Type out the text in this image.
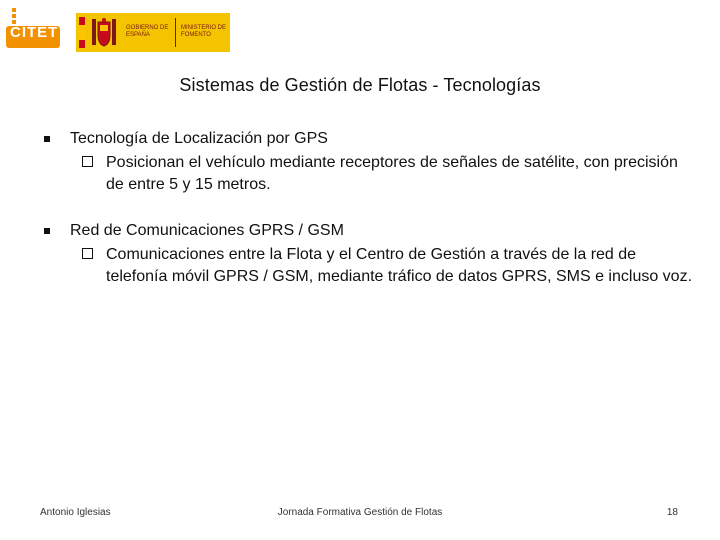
CITET	GOBIERNO DE ESPAÑA
MINISTERIO DE FOMENTO
Sistemas de Gestión de Flotas - Tecnologías
Tecnología de Localización por GPS
Posicionan el vehículo mediante receptores de señales de satélite, con precisión de entre 5 y 15 metros.
Red de Comunicaciones GPRS / GSM
Comunicaciones entre la Flota y el Centro de Gestión a través de la red de telefonía móvil GPRS / GSM, mediante tráfico de datos GPRS, SMS e incluso voz.
Antonio Iglesias	Jornada Formativa Gestión de Flotas	18
